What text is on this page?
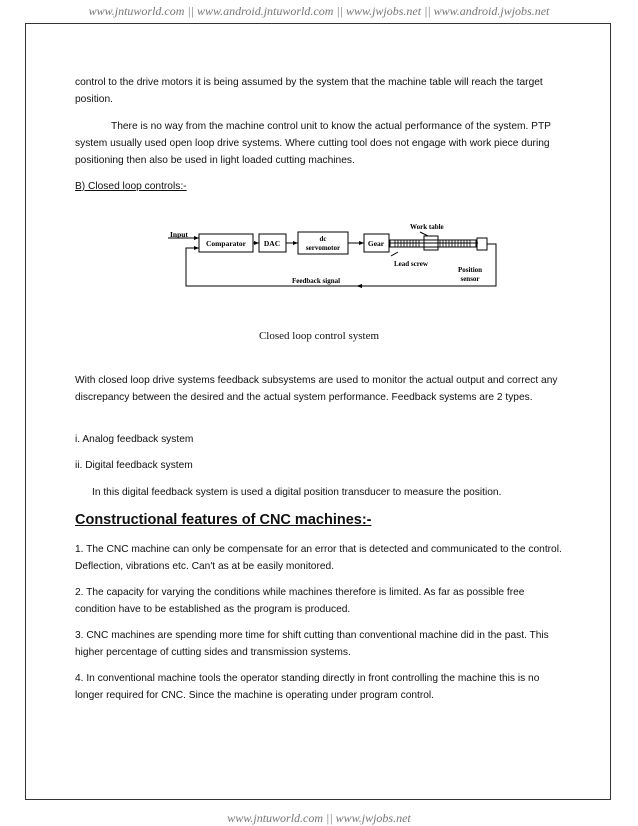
www.jntuworld.com || www.android.jntuworld.com || www.jwjobs.net || www.android.jwjobs.net

control to the drive motors it is being assumed by the system that the machine table will reach the target position.

There is no way from the machine control unit to know the actual performance of the system. PTP system usually used open loop drive systems. Where cutting tool does not engage with work piece during positioning then also be used in light loaded cutting machines.

B) Closed loop controls:-

Input
Comparator DAC	dc
servomotor	Gear
Work table
Lead screw
Position
sensor
Feedback signal
Closed loop control system

With closed loop drive systems feedback subsystems are used to monitor the actual output and correct any discrepancy between the desired and the actual system performance. Feedback systems are 2 types.

i. Analog feedback system

ii. Digital feedback system

In this digital feedback system is used a digital position transducer to measure the position.

Constructional features of CNC machines:-

1. The CNC machine can only be compensate for an error that is detected and communicated to the control. Deflection, vibrations etc. Can't as at be easily monitored.

2. The capacity for varying the conditions while machines therefore is limited. As far as possible free condition have to be established as the program is produced.

3. CNC machines are spending more time for shift cutting than conventional machine did in the past. This higher percentage of cutting sides and transmission systems.

4. In conventional machine tools the operator standing directly in front controlling the machine this is no longer required for CNC. Since the machine is operating under program control.

www.jntuworld.com || www.jwjobs.net
